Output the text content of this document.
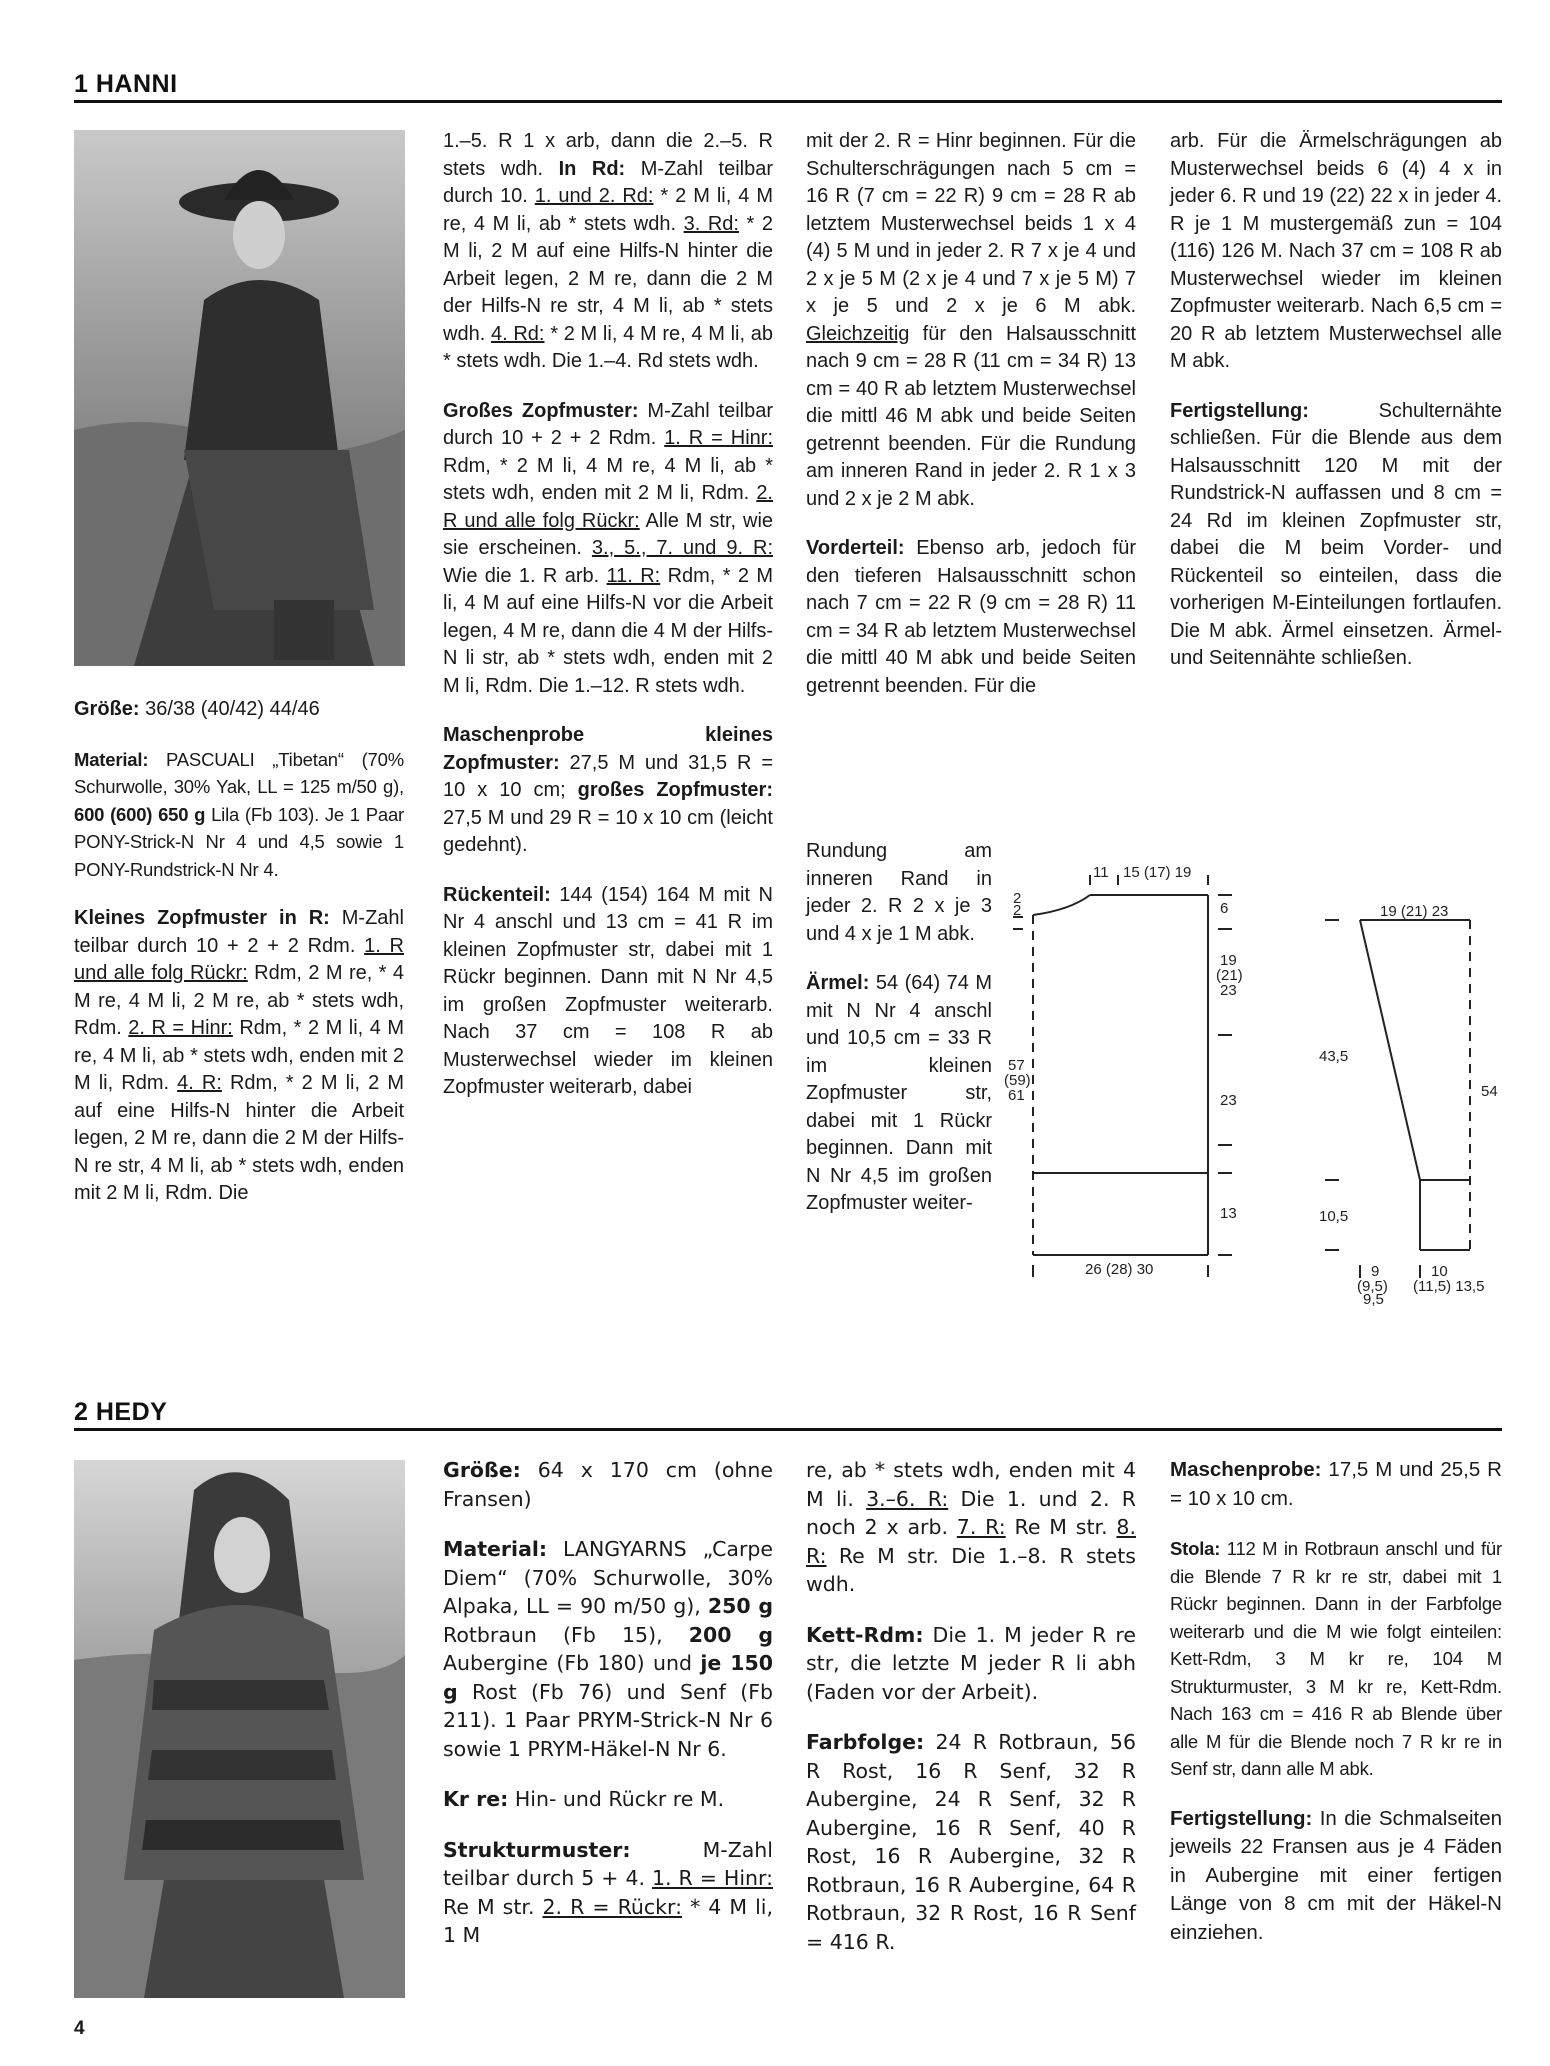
1 HANNI

Größe: 36/38 (40/42) 44/46

Material: PASCUALI „Tibetan“ (70% Schurwolle, 30% Yak, LL = 125 m/50 g), 600 (600) 650 g Lila (Fb 103). Je 1 Paar PONY-Strick-N Nr 4 und 4,5 sowie 1 PONY-Rundstrick-N Nr 4.

Kleines Zopfmuster in R: M-Zahl teilbar durch 10 + 2 + 2 Rdm. 1. R und alle folg Rückr: Rdm, 2 M re, * 4 M re, 4 M li, 2 M re, ab * stets wdh, Rdm. 2. R = Hinr: Rdm, * 2 M li, 4 M re, 4 M li, ab * stets wdh, enden mit 2 M li, Rdm. 4. R: Rdm, * 2 M li, 2 M auf eine Hilfs-N hinter die Arbeit legen, 2 M re, dann die 2 M der Hilfs-N re str, 4 M li, ab * stets wdh, enden mit 2 M li, Rdm. Die

1.–5. R 1 x arb, dann die 2.–5. R stets wdh. In Rd: M-Zahl teilbar durch 10. 1. und 2. Rd: * 2 M li, 4 M re, 4 M li, ab * stets wdh. 3. Rd: * 2 M li, 2 M auf eine Hilfs-N hinter die Arbeit legen, 2 M re, dann die 2 M der Hilfs-N re str, 4 M li, ab * stets wdh. 4. Rd: * 2 M li, 4 M re, 4 M li, ab * stets wdh. Die 1.–4. Rd stets wdh.

Großes Zopfmuster: M-Zahl teilbar durch 10 + 2 + 2 Rdm. 1. R = Hinr: Rdm, * 2 M li, 4 M re, 4 M li, ab * stets wdh, enden mit 2 M li, Rdm. 2. R und alle folg Rückr: Alle M str, wie sie erscheinen. 3., 5., 7. und 9. R: Wie die 1. R arb. 11. R: Rdm, * 2 M li, 4 M auf eine Hilfs-N vor die Arbeit legen, 4 M re, dann die 4 M der Hilfs-N li str, ab * stets wdh, enden mit 2 M li, Rdm. Die 1.–12. R stets wdh.

Maschenprobe kleines Zopfmuster: 27,5 M und 31,5 R = 10 x 10 cm; großes Zopfmuster: 27,5 M und 29 R = 10 x 10 cm (leicht gedehnt).

Rückenteil: 144 (154) 164 M mit N Nr 4 anschl und 13 cm = 41 R im kleinen Zopfmuster str, dabei mit 1 Rückr beginnen. Dann mit N Nr 4,5 im großen Zopfmuster weiterarb. Nach 37 cm = 108 R ab Musterwechsel wieder im kleinen Zopfmuster weiterarb, dabei

mit der 2. R = Hinr beginnen. Für die Schulterschrägungen nach 5 cm = 16 R (7 cm = 22 R) 9 cm = 28 R ab letztem Musterwechsel beids 1 x 4 (4) 5 M und in jeder 2. R 7 x je 4 und 2 x je 5 M (2 x je 4 und 7 x je 5 M) 7 x je 5 und 2 x je 6 M abk. Gleichzeitig für den Halsausschnitt nach 9 cm = 28 R (11 cm = 34 R) 13 cm = 40 R ab letztem Musterwechsel die mittl 46 M abk und beide Seiten getrennt beenden. Für die Rundung am inneren Rand in jeder 2. R 1 x 3 und 2 x je 2 M abk.

Vorderteil: Ebenso arb, jedoch für den tieferen Halsausschnitt schon nach 7 cm = 22 R (9 cm = 28 R) 11 cm = 34 R ab letztem Musterwechsel die mittl 40 M abk und beide Seiten getrennt beenden. Für die

Rundung am inneren Rand in jeder 2. R 2 x je 3 und 4 x je 1 M abk.

Ärmel: 54 (64) 74 M mit N Nr 4 anschl und 10,5 cm = 33 R im kleinen Zopfmuster str, dabei mit 1 Rückr beginnen. Dann mit N Nr 4,5 im großen Zopfmuster weiter-

arb. Für die Ärmelschrägungen ab Musterwechsel beids 6 (4) 4 x in jeder 6. R und 19 (22) 22 x in jeder 4. R je 1 M mustergemäß zun = 104 (116) 126 M. Nach 37 cm = 108 R ab Musterwechsel wieder im kleinen Zopfmuster weiterarb. Nach 6,5 cm = 20 R ab letztem Musterwechsel alle M abk.

Fertigstellung: Schulternähte schließen. Für die Blende aus dem Halsausschnitt 120 M mit der Rundstrick-N auffassen und 8 cm = 24 Rd im kleinen Zopfmuster str, dabei die M beim Vorder- und Rückenteil so einteilen, dass die vorherigen M-Einteilungen fortlaufen. Die M abk. Ärmel einsetzen. Ärmel- und Seitennähte schließen.

11 15 (17) 19
2
2	6
19
(21)
23
57
(59)
61	23
13
26 (28) 30
19 (21) 23
43,5
54
10,5
9
(9,5)
9,5
10
(11,5) 13,5
2 HEDY

Größe: 64 x 170 cm (ohne Fransen)

Material: LANGYARNS „Carpe Diem“ (70% Schurwolle, 30% Alpaka, LL = 90 m/50 g), 250 g Rotbraun (Fb 15), 200 g Aubergine (Fb 180) und je 150 g Rost (Fb 76) und Senf (Fb 211). 1 Paar PRYM-Strick-N Nr 6 sowie 1 PRYM-Häkel-N Nr 6.

Kr re: Hin- und Rückr re M.

Strukturmuster: M-Zahl teilbar durch 5 + 4. 1. R = Hinr: Re M str. 2. R = Rückr: * 4 M li, 1 M

re, ab * stets wdh, enden mit 4 M li. 3.–6. R: Die 1. und 2. R noch 2 x arb. 7. R: Re M str. 8. R: Re M str. Die 1.–8. R stets wdh.

Kett-Rdm: Die 1. M jeder R re str, die letzte M jeder R li abh (Faden vor der Arbeit).

Farbfolge: 24 R Rotbraun, 56 R Rost, 16 R Senf, 32 R Aubergine, 24 R Senf, 32 R Aubergine, 16 R Senf, 40 R Rost, 16 R Aubergine, 32 R Rotbraun, 16 R Aubergine, 64 R Rotbraun, 32 R Rost, 16 R Senf = 416 R.

Maschenprobe: 17,5 M und 25,5 R = 10 x 10 cm.

Stola: 112 M in Rotbraun anschl und für die Blende 7 R kr re str, dabei mit 1 Rückr beginnen. Dann in der Farbfolge weiterarb und die M wie folgt einteilen: Kett-Rdm, 3 M kr re, 104 M Strukturmuster, 3 M kr re, Kett-Rdm. Nach 163 cm = 416 R ab Blende über alle M für die Blende noch 7 R kr re in Senf str, dann alle M abk.

Fertigstellung: In die Schmalseiten jeweils 22 Fransen aus je 4 Fäden in Aubergine mit einer fertigen Länge von 8 cm mit der Häkel-N einziehen.

4
